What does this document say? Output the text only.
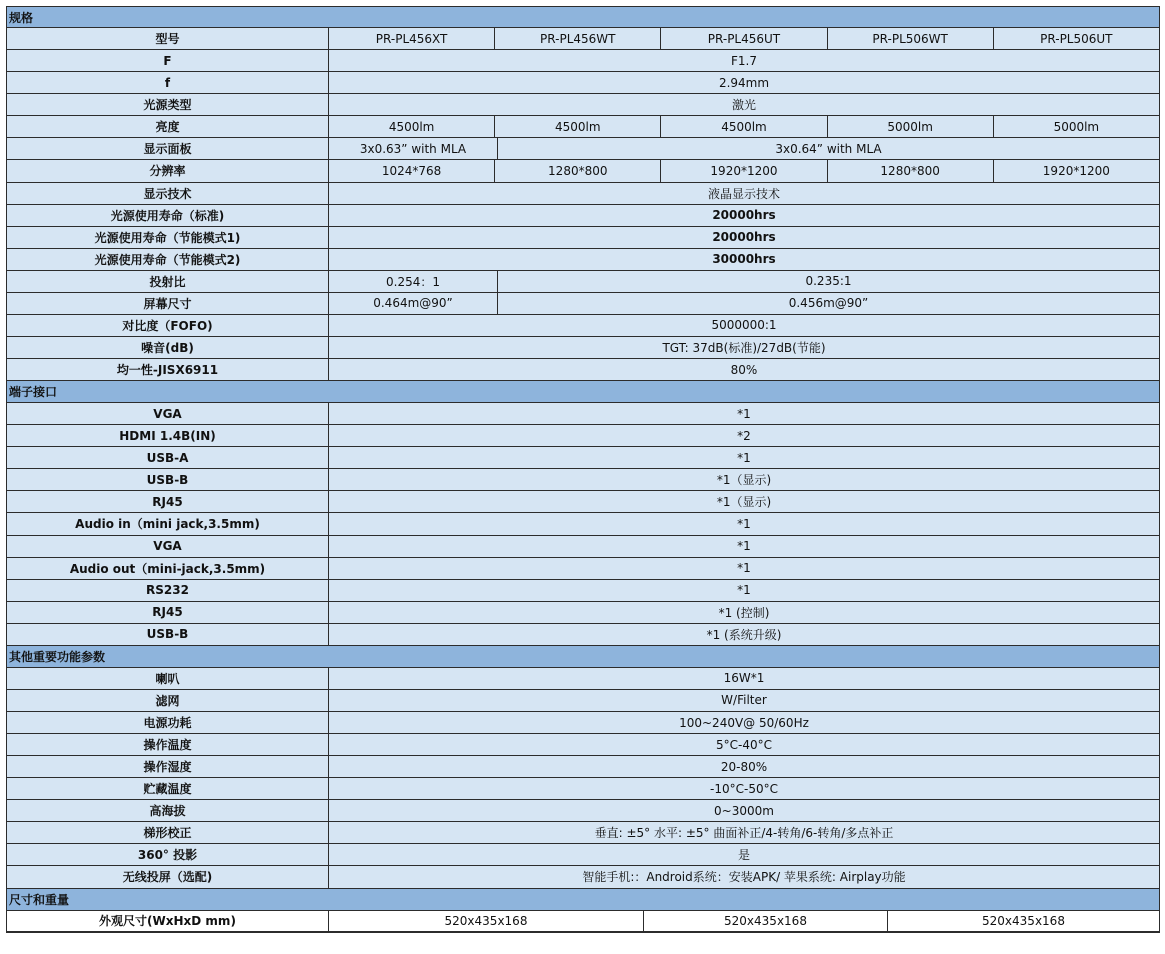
规格
型号	PR-PL456XT	PR-PL456WT	PR-PL456UT	PR-PL506WT	PR-PL506UT
F	F1.7
f	2.94mm
光源类型	激光
亮度	4500lm	4500lm	4500lm	5000lm	5000lm
显示面板	3x0.63” with MLA	3x0.64” with MLA
分辨率	1024*768	1280*800	1920*1200	1280*800	1920*1200
显示技术	液晶显示技术
光源使用寿命（标准)	20000hrs
光源使用寿命（节能模式1)	20000hrs
光源使用寿命（节能模式2)	30000hrs
投射比	0.254：1	0.235:1
屏幕尺寸	0.464m@90”	0.456m@90”
对比度（FOFO)	5000000:1
噪音(dB)	TGT: 37dB(标准)/27dB(节能)
均一性-JISX6911	80%
端子接口
VGA	*1
HDMI 1.4B(IN)	*2
USB-A	*1
USB-B	*1（显示)
RJ45	*1（显示)
Audio in（mini jack,3.5mm)	*1
VGA	*1
Audio out（mini-jack,3.5mm)	*1
RS232	*1
RJ45	*1 (控制)
USB-B	*1 (系统升级)
其他重要功能参数
喇叭	16W*1
滤网	W/Filter
电源功耗	100~240V@ 50/60Hz
操作温度	5°C-40°C
操作湿度	20-80%
贮藏温度	-10°C-50°C
高海拔	0~3000m
梯形校正	垂直: ±5° 水平: ±5° 曲面补正/4-转角/6-转角/多点补正
360° 投影	是
无线投屏（选配)	智能手机:：Android系统：安装APK/ 苹果系统: Airplay功能
尺寸和重量
外观尺寸(WxHxD mm)	520x435x168	520x435x168	520x435x168
